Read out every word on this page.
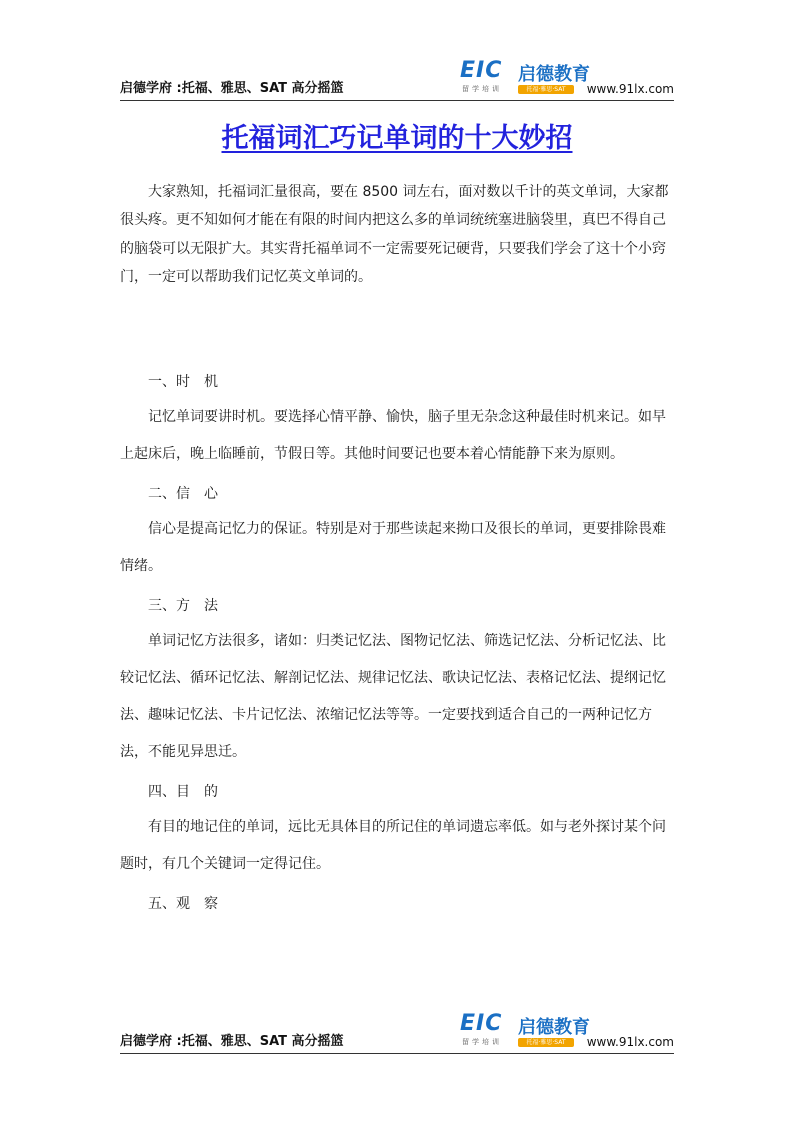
启德学府 :托福、雅思、SAT 高分摇篮
EIC 启德教育
留学培训	托福·雅思·SAT	www.91lx.com
托福词汇巧记单词的十大妙招

大家熟知，托福词汇量很高，要在 8500 词左右，面对数以千计的英文单词，大家都很头疼。更不知如何才能在有限的时间内把这么多的单词统统塞进脑袋里，真巴不得自己的脑袋可以无限扩大。其实背托福单词不一定需要死记硬背，只要我们学会了这十个小窍门，一定可以帮助我们记忆英文单词的。

一、时　机

记忆单词要讲时机。要选择心情平静、愉快，脑子里无杂念这种最佳时机来记。如早上起床后，晚上临睡前，节假日等。其他时间要记也要本着心情能静下来为原则。

二、信　心

信心是提高记忆力的保证。特别是对于那些读起来拗口及很长的单词，更要排除畏难情绪。

三、方　法

单词记忆方法很多，诸如：归类记忆法、图物记忆法、筛选记忆法、分析记忆法、比较记忆法、循环记忆法、解剖记忆法、规律记忆法、歌诀记忆法、表格记忆法、提纲记忆法、趣味记忆法、卡片记忆法、浓缩记忆法等等。一定要找到适合自己的一两种记忆方法，不能见异思迁。

四、目　的

有目的地记住的单词，远比无具体目的所记住的单词遗忘率低。如与老外探讨某个问题时，有几个关键词一定得记住。

五、观　察

启德学府 :托福、雅思、SAT 高分摇篮
EIC 启德教育
留学培训	托福·雅思·SAT	www.91lx.com
